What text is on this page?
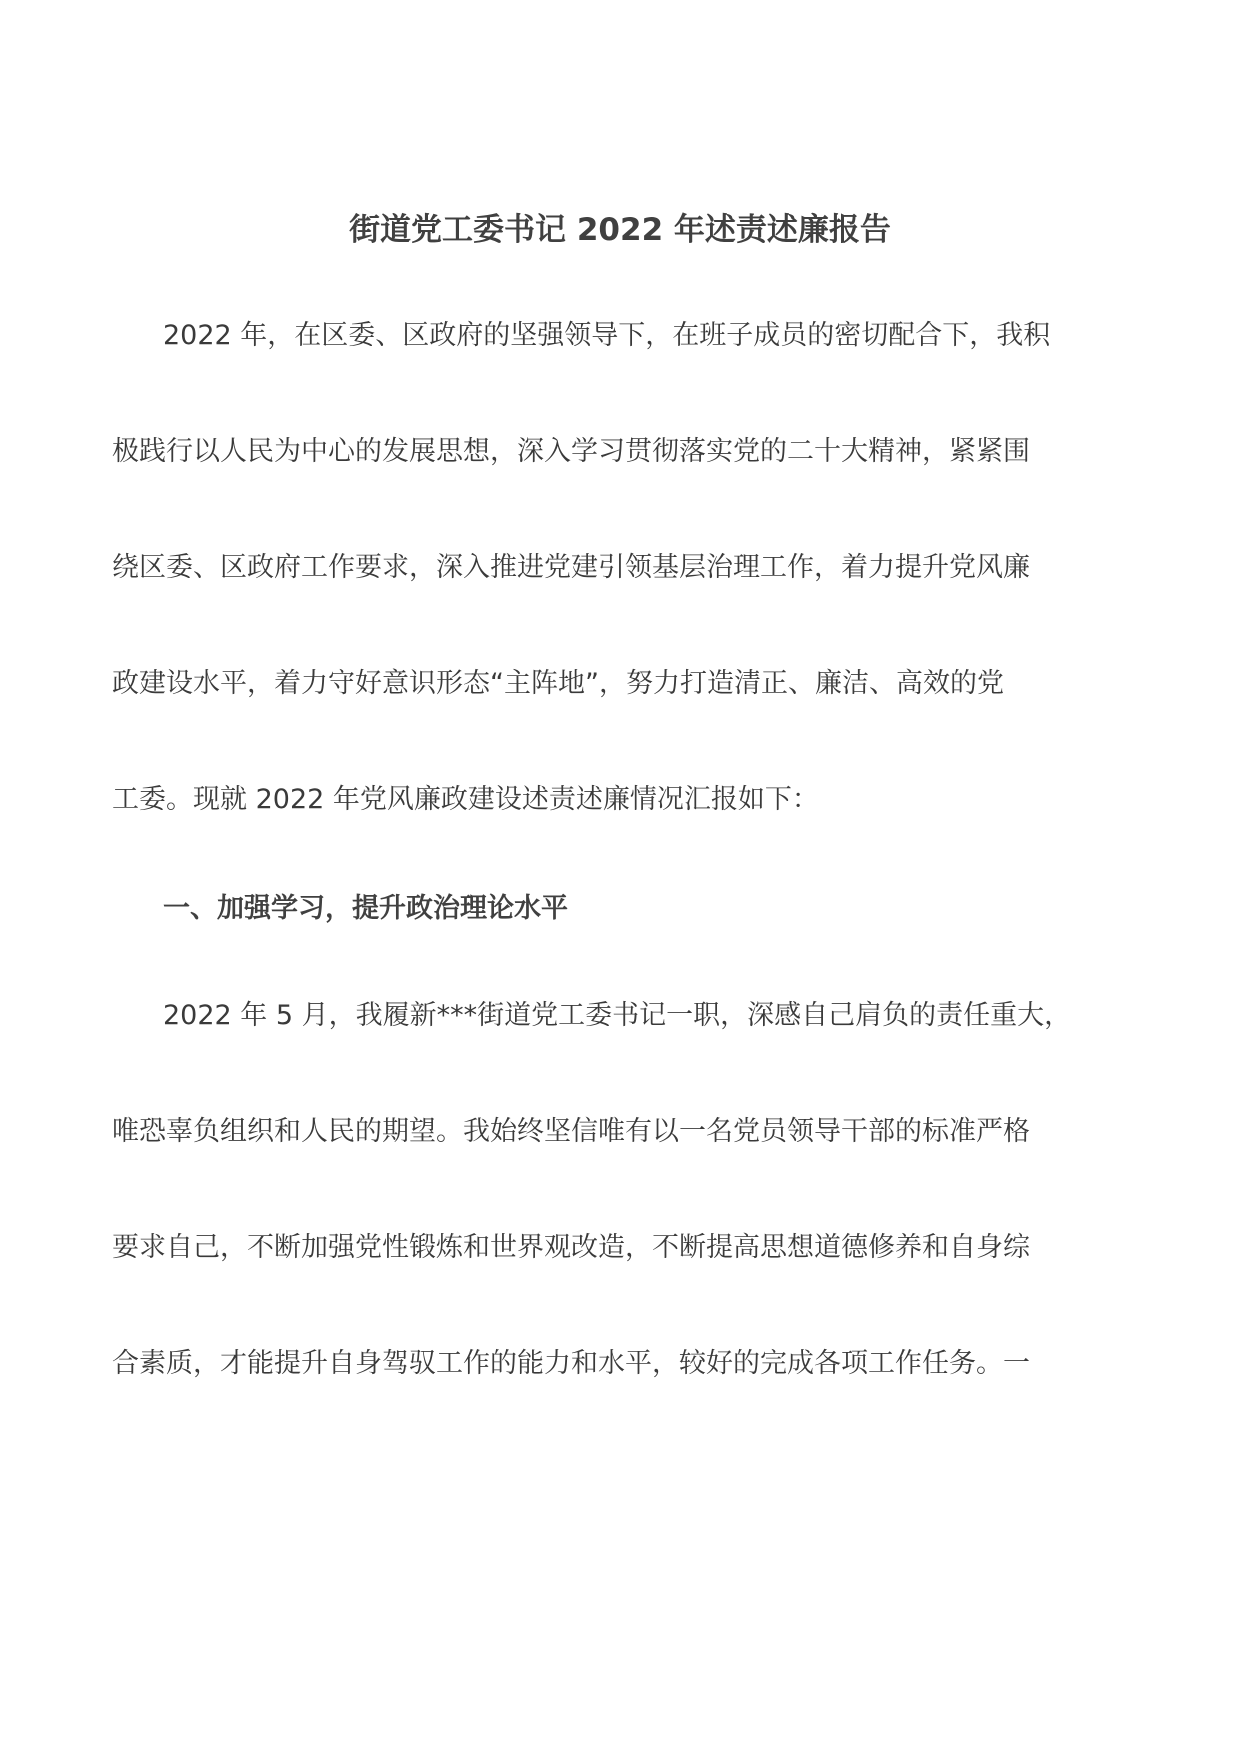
街道党工委书记 2022 年述责述廉报告
2022 年，在区委、区政府的坚强领导下，在班子成员的密切配合下，我积
极践行以人民为中心的发展思想，深入学习贯彻落实党的二十大精神，紧紧围
绕区委、区政府工作要求，深入推进党建引领基层治理工作，着力提升党风廉
政建设水平，着力守好意识形态“主阵地”，努力打造清正、廉洁、高效的党
工委。现就 2022 年党风廉政建设述责述廉情况汇报如下：
一、加强学习，提升政治理论水平
2022 年 5 月，我履新***街道党工委书记一职，深感自己肩负的责任重大，
唯恐辜负组织和人民的期望。我始终坚信唯有以一名党员领导干部的标准严格
要求自己，不断加强党性锻炼和世界观改造，不断提高思想道德修养和自身综
合素质，才能提升自身驾驭工作的能力和水平，较好的完成各项工作任务。一
